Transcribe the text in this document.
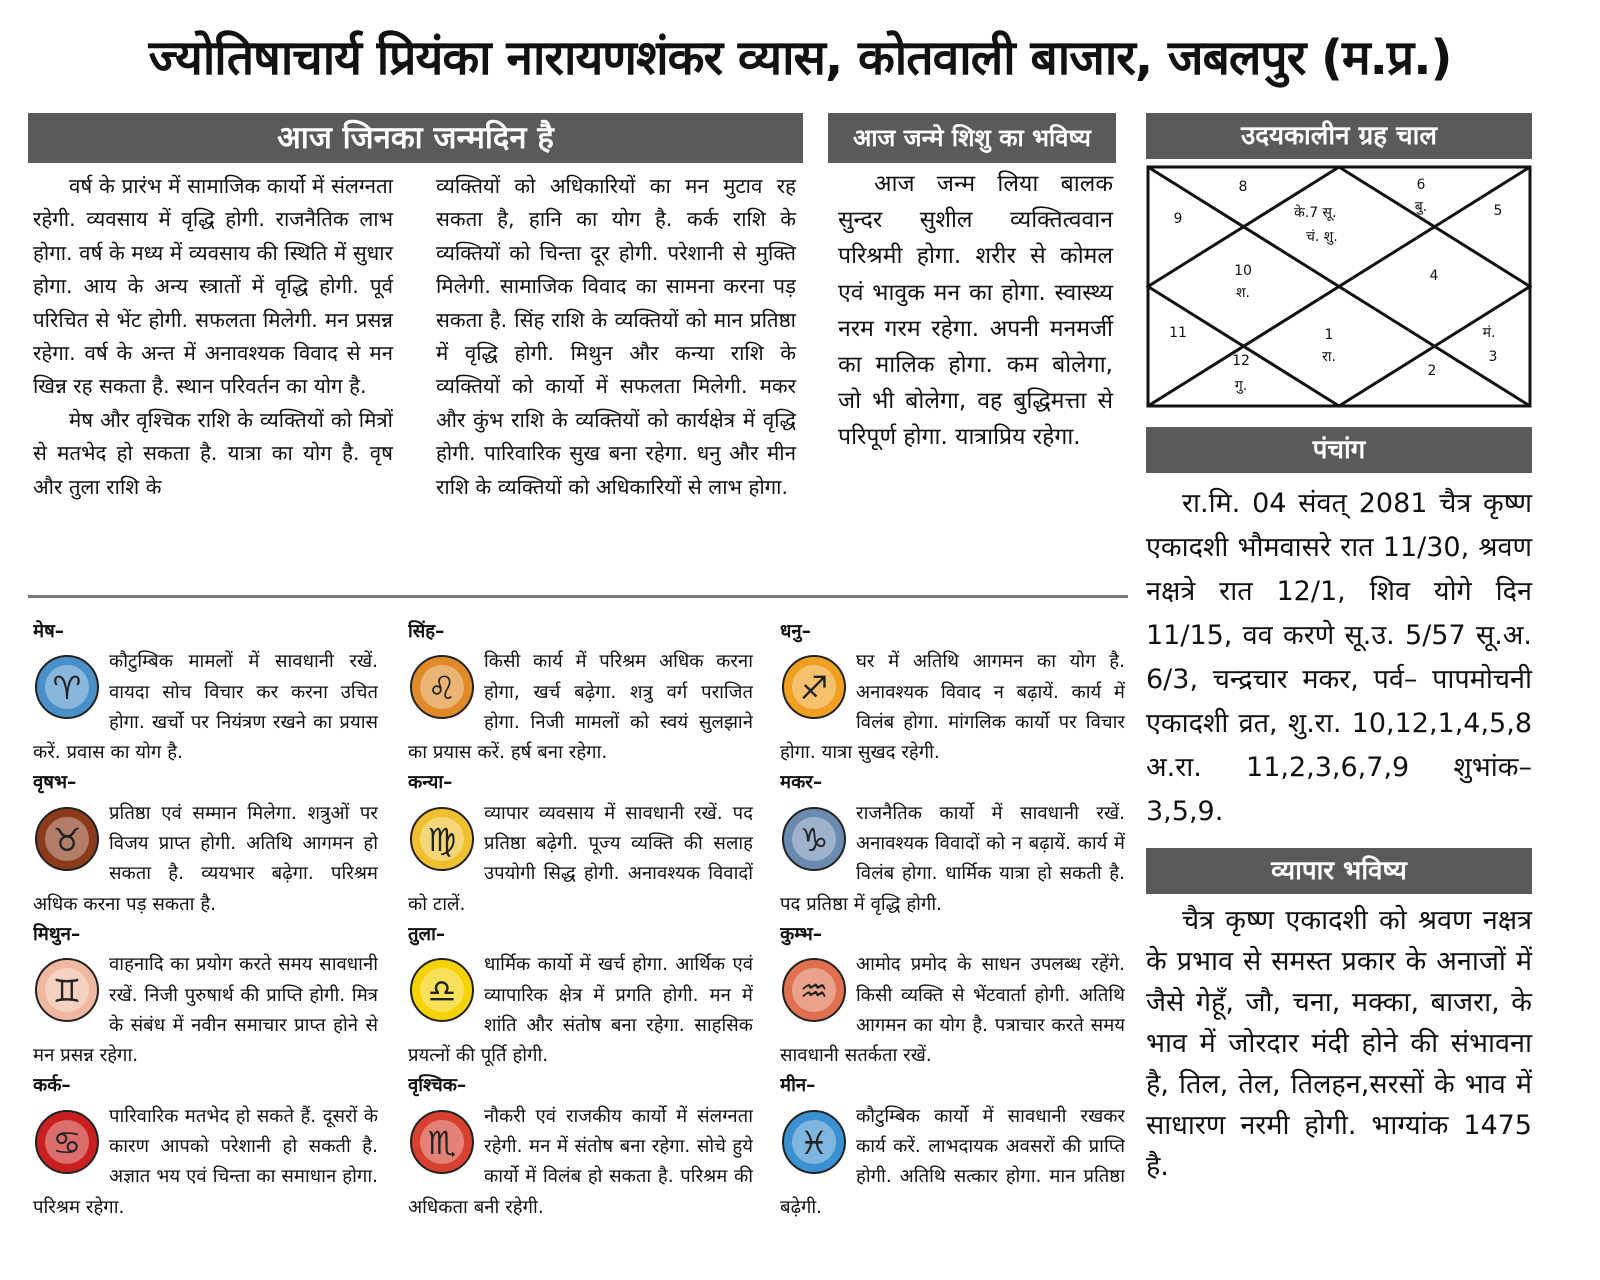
ज्योतिषाचार्य प्रियंका नारायणशंकर व्यास, कोतवाली बाजार, जबलपुर (म.प्र.)
आज जिनका जन्मदिन है	आज जन्मे शिशु का भविष्य	उदयकालीन ग्रह चाल
पंचांग
व्यापार भविष्य

वर्ष के प्रारंभ में सामाजिक कार्यो में संलग्नता रहेगी. व्यवसाय में वृद्धि होगी. राजनैतिक लाभ होगा. वर्ष के मध्य में व्यवसाय की स्थिति में सुधार होगा. आय के अन्य स्त्रातों में वृद्धि होगी. पूर्व परिचित से भेंट होगी. सफलता मिलेगी. मन प्रसन्न रहेगा. वर्ष के अन्त में अनावश्यक विवाद से मन खिन्न रह सकता है. स्थान परिवर्तन का योग है.

मेष और वृश्चिक राशि के व्यक्तियों को मित्रों से मतभेद हो सकता है. यात्रा का योग है. वृष और तुला राशि के

व्यक्तियों को अधिकारियों का मन मुटाव रह सकता है, हानि का योग है. कर्क राशि के व्यक्तियों को चिन्ता दूर होगी. परेशानी से मुक्ति मिलेगी. सामाजिक विवाद का सामना करना पड़ सकता है. सिंह राशि के व्यक्तियों को मान प्रतिष्ठा में वृद्धि होगी. मिथुन और कन्या राशि के व्यक्तियों को कार्यो में सफलता मिलेगी. मकर और कुंभ राशि के व्यक्तियों को कार्यक्षेत्र में वृद्धि होगी. पारिवारिक सुख बना रहेगा. धनु और मीन राशि के व्यक्तियों को अधिकारियों से लाभ होगा.

आज जन्म लिया बालक सुन्दर सुशील व्यक्तित्ववान परिश्रमी होगा. शरीर से कोमल एवं भावुक मन का होगा. स्वास्थ्य नरम गरम रहेगा. अपनी मनमर्जी का मालिक होगा. कम बोलेगा, जो भी बोलेगा, वह बुद्धिमत्ता से परिपूर्ण होगा. यात्राप्रिय रहेगा.

1
रा.
2
3
मं.
4
5
6
बु.
के.7 सू.
चं. शु.
8
9
10
श.
11
12
गु.
रा.मि. 04 संवत् 2081 चैत्र कृष्ण एकादशी भौमवासरे रात 11/30, श्रवण नक्षत्रे रात 12/1, शिव योगे दिन 11/15, वव करणे सू.उ. 5/57 सू.अ. 6/3, चन्द्रचार मकर, पर्व– पापमोचनी एकादशी व्रत, शु.रा. 10,12,1,4,5,8 अ.रा. 11,2,3,6,7,9 शुभांक– 3,5,9.
चैत्र कृष्ण एकादशी को श्रवण नक्षत्र के प्रभाव से समस्त प्रकार के अनाजों में जैसे गेहूँ, जौ, चना, मक्का, बाजरा, के भाव में जोरदार मंदी होने की संभावना है, तिल, तेल, तिलहन,सरसों के भाव में साधारण नरमी होगी. भाग्यांक 1475 है.
मेष–

♈
कौटुम्बिक मामलों में सावधानी रखें. वायदा सोच विचार कर करना उचित होगा. खर्चो पर नियंत्रण रखने का प्रयास करें. प्रवास का योग है.
वृषभ–

♉
प्रतिष्ठा एवं सम्मान मिलेगा. शत्रुओं पर विजय प्राप्त होगी. अतिथि आगमन हो सकता है. व्ययभार बढ़ेगा. परिश्रम अधिक करना पड़ सकता है.
मिथुन–

♊
वाहनादि का प्रयोग करते समय सावधानी रखें. निजी पुरुषार्थ की प्राप्ति होगी. मित्र के संबंध में नवीन समाचार प्राप्त होने से मन प्रसन्न रहेगा.
कर्क–

♋
पारिवारिक मतभेद हो सकते हैं. दूसरों के कारण आपको परेशानी हो सकती है. अज्ञात भय एवं चिन्ता का समाधान होगा. परिश्रम रहेगा.
सिंह–

♌
किसी कार्य में परिश्रम अधिक करना होगा, खर्च बढ़ेगा. शत्रु वर्ग पराजित होगा. निजी मामलों को स्वयं सुलझाने का प्रयास करें. हर्ष बना रहेगा.
कन्या–

♍
व्यापार व्यवसाय में सावधानी रखें. पद प्रतिष्ठा बढ़ेगी. पूज्य व्यक्ति की सलाह उपयोगी सिद्ध होगी. अनावश्यक विवादों को टालें.
तुला–

♎
धार्मिक कार्यो में खर्च होगा. आर्थिक एवं व्यापारिक क्षेत्र में प्रगति होगी. मन में शांति और संतोष बना रहेगा. साहसिक प्रयत्नों की पूर्ति होगी.
वृश्चिक–

♏
नौकरी एवं राजकीय कार्यो में संलग्नता रहेगी. मन में संतोष बना रहेगा. सोचे हुये कार्यो में विलंब हो सकता है. परिश्रम की अधिकता बनी रहेगी.
धनु–

♐
घर में अतिथि आगमन का योग है. अनावश्यक विवाद न बढ़ायें. कार्य में विलंब होगा. मांगलिक कार्यो पर विचार होगा. यात्रा सुखद रहेगी.
मकर–

♑
राजनैतिक कार्यो में सावधानी रखें. अनावश्यक विवादों को न बढ़ायें. कार्य में विलंब होगा. धार्मिक यात्रा हो सकती है. पद प्रतिष्ठा में वृद्धि होगी.
कुम्भ–

♒
आमोद प्रमोद के साधन उपलब्ध रहेंगे. किसी व्यक्ति से भेंटवार्ता होगी. अतिथि आगमन का योग है. पत्राचार करते समय सावधानी सतर्कता रखें.
मीन–

♓
कौटुम्बिक कार्यो में सावधानी रखकर कार्य करें. लाभदायक अवसरों की प्राप्ति होगी. अतिथि सत्कार होगा. मान प्रतिष्ठा बढ़ेगी.
